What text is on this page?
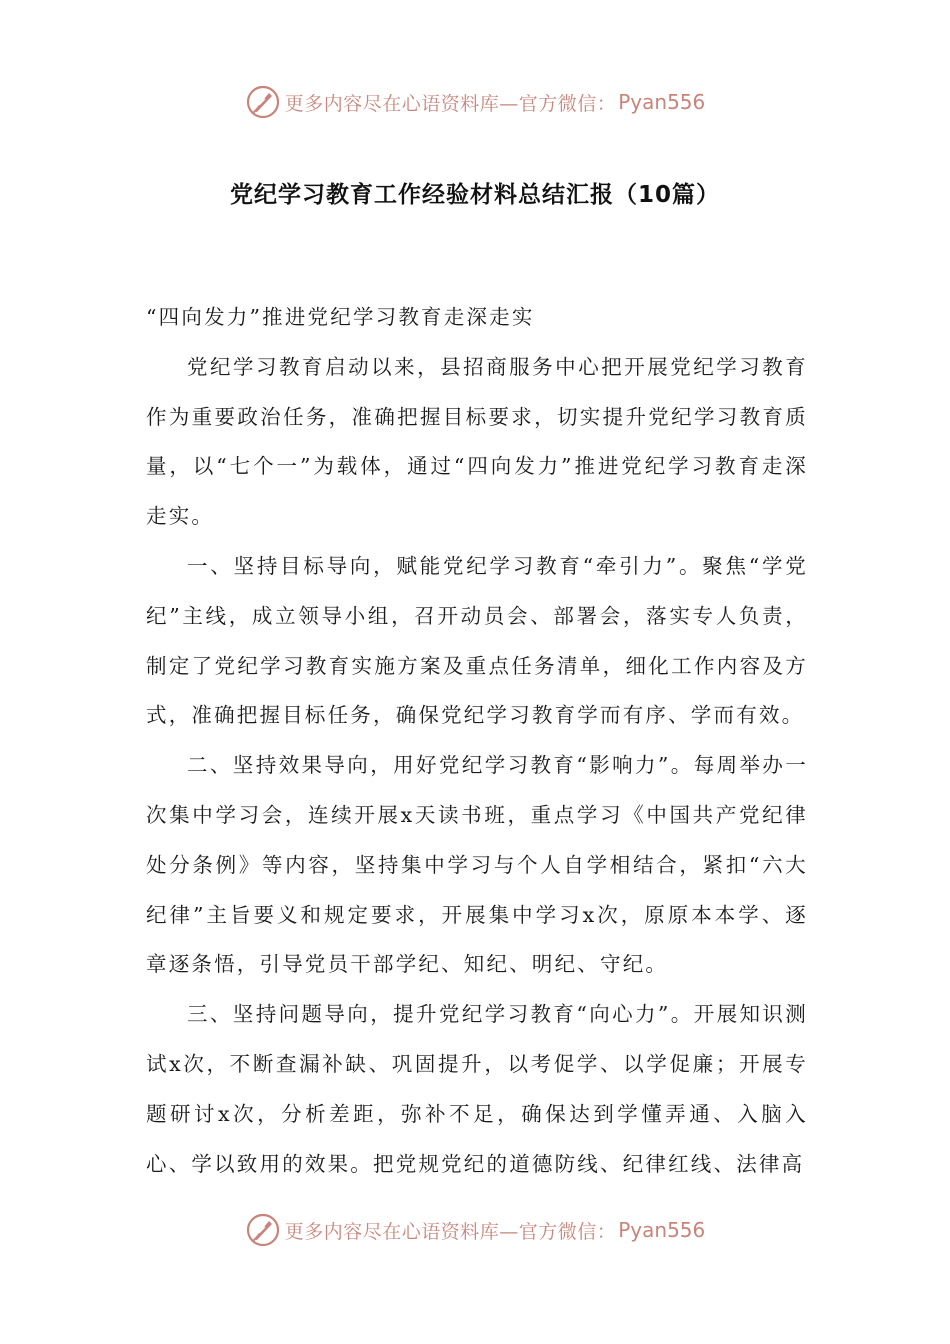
更多内容尽在心语资料库—官方微信： Pyan556
党纪学习教育工作经验材料总结汇报（10篇）

“四向发力”推进党纪学习教育走深走实

党纪学习教育启动以来，县招商服务中心把开展党纪学习教育作为重要政治任务，准确把握目标要求，切实提升党纪学习教育质量，以“七个一”为载体，通过“四向发力”推进党纪学习教育走深走实。

一、坚持目标导向，赋能党纪学习教育“牵引力”。聚焦“学党纪”主线，成立领导小组，召开动员会、部署会，落实专人负责，制定了党纪学习教育实施方案及重点任务清单，细化工作内容及方式，准确把握目标任务，确保党纪学习教育学而有序、学而有效。

二、坚持效果导向，用好党纪学习教育“影响力”。每周举办一次集中学习会，连续开展x天读书班，重点学习《中国共产党纪律处分条例》等内容，坚持集中学习与个人自学相结合，紧扣“六大纪律”主旨要义和规定要求，开展集中学习x次，原原本本学、逐章逐条悟，引导党员干部学纪、知纪、明纪、守纪。

三、坚持问题导向，提升党纪学习教育“向心力”。开展知识测试x次，不断查漏补缺、巩固提升，以考促学、以学促廉；开展专题研讨x次，分析差距，弥补不足，确保达到学懂弄通、入脑入心、学以致用的效果。把党规党纪的道德防线、纪律红线、法律高

更多内容尽在心语资料库—官方微信： Pyan556
